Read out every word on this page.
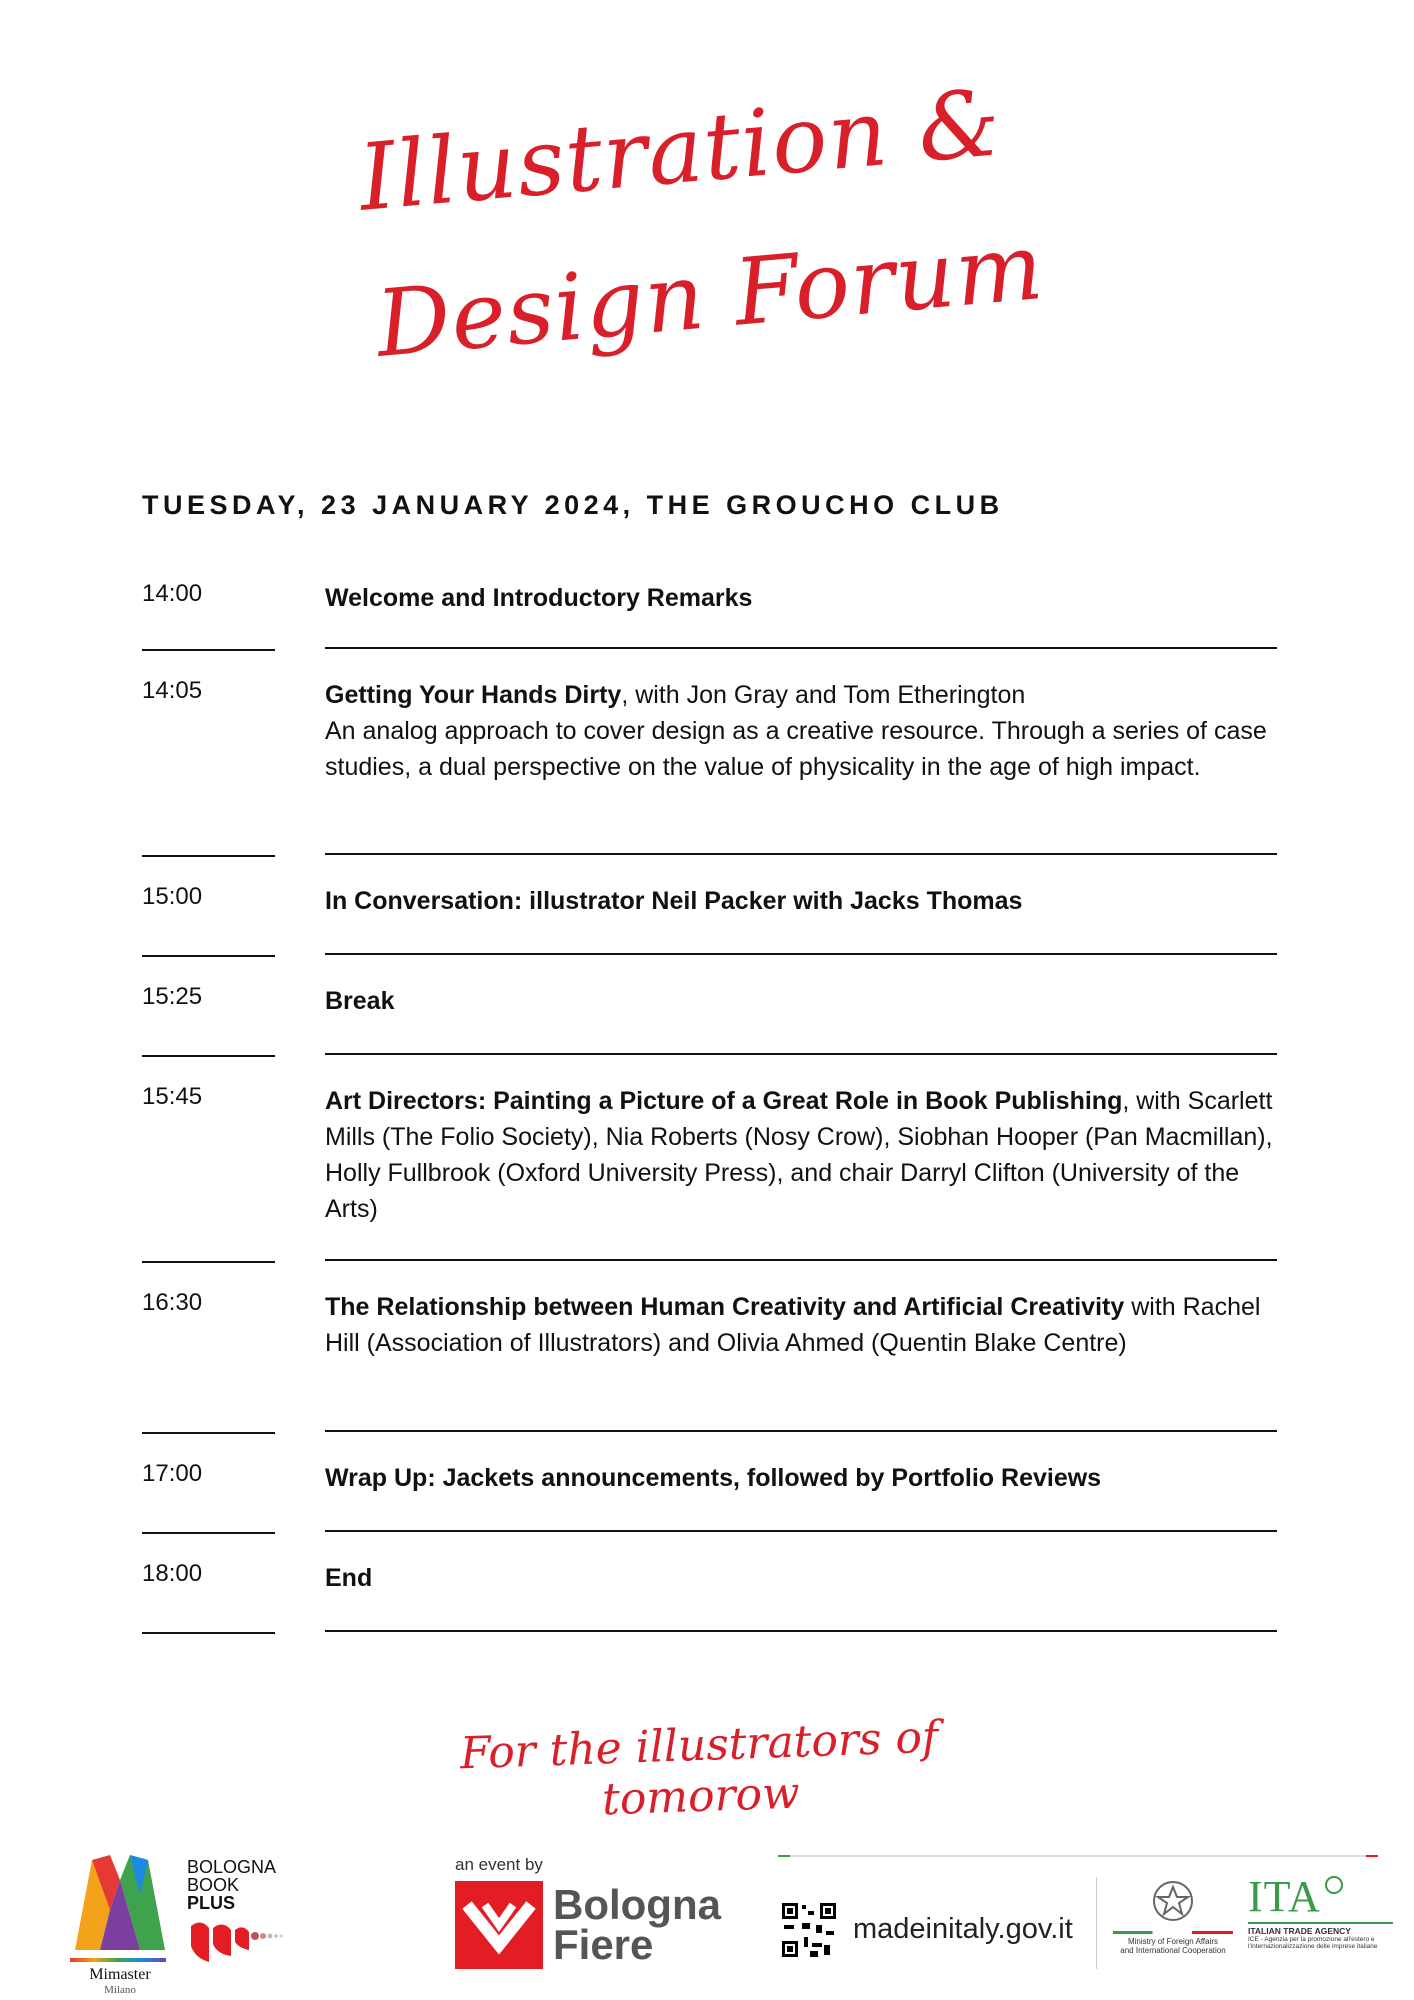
Illustration &
Design Forum
TUESDAY, 23 JANUARY 2024, THE GROUCHO CLUB
14:00	Welcome and Introductory Remarks
14:05	Getting Your Hands Dirty, with Jon Gray and Tom Etherington
An analog approach to cover design as a creative resource. Through a series of case studies, a dual perspective on the value of physicality in the age of high impact.
15:00	In Conversation: illustrator Neil Packer with Jacks Thomas
15:25	Break
15:45	Art Directors: Painting a Picture of a Great Role in Book Publishing, with Scarlett Mills (The Folio Society), Nia Roberts (Nosy Crow), Siobhan Hooper (Pan Macmillan), Holly Fullbrook (Oxford University Press), and chair Darryl Clifton (University of the Arts)
16:30	The Relationship between Human Creativity and Artificial Creativity with Rachel Hill (Association of Illustrators) and Olivia Ahmed (Quentin Blake Centre)
17:00	Wrap Up: Jackets announcements, followed by Portfolio Reviews
18:00	End
For the illustrators of tomorow
Mimaster
Milano
BOLOGNA
BOOK
PLUS
an event by
Bologna
Fiere	madeinitaly.gov.it	Ministry of Foreign Affairs
and International Cooperation
ITA
ITALIAN TRADE AGENCY
ICE - Agenzia per la promozione all'estero e
l'internazionalizzazione delle imprese italiane
